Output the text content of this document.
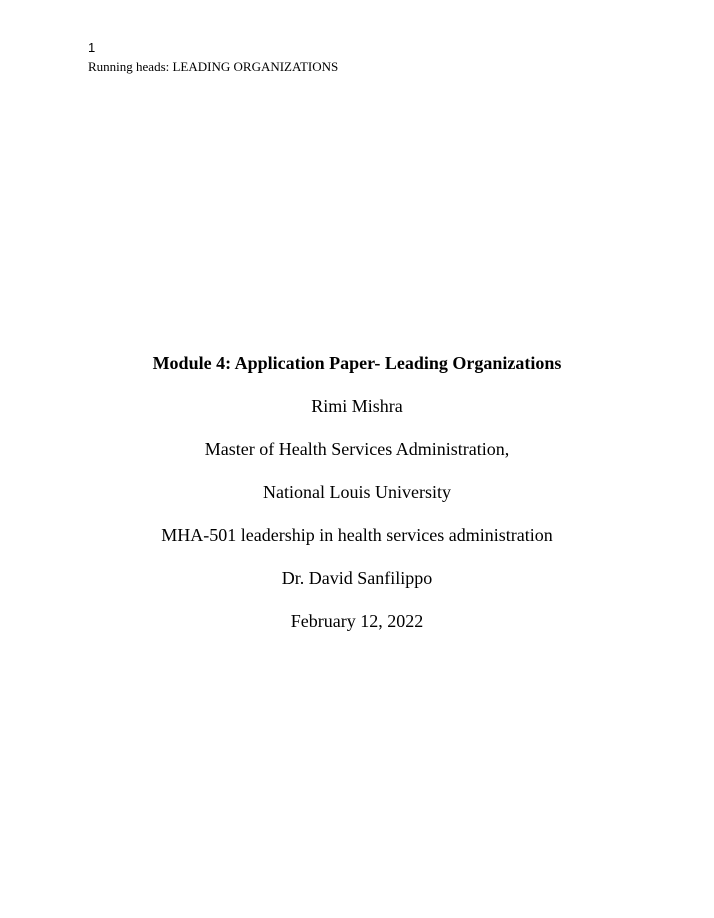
1
Running heads: LEADING ORGANIZATIONS
Module 4: Application Paper- Leading Organizations
Rimi Mishra
Master of Health Services Administration,
National Louis University
MHA-501 leadership in health services administration
Dr. David Sanfilippo
February 12, 2022
